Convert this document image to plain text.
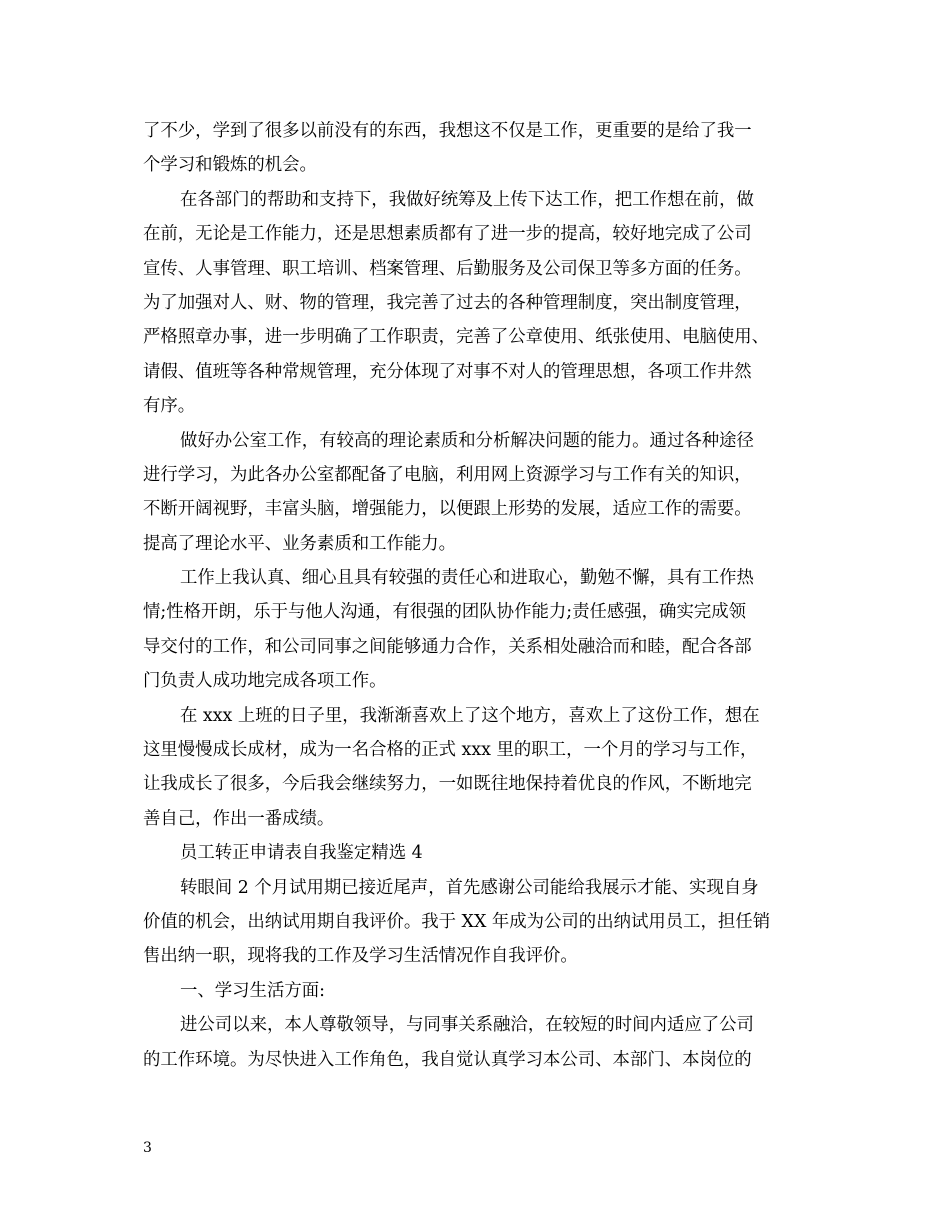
了不少，学到了很多以前没有的东西，我想这不仅是工作，更重要的是给了我一
个学习和锻炼的机会。
在各部门的帮助和支持下，我做好统筹及上传下达工作，把工作想在前，做
在前，无论是工作能力，还是思想素质都有了进一步的提高，较好地完成了公司
宣传、人事管理、职工培训、档案管理、后勤服务及公司保卫等多方面的任务。
为了加强对人、财、物的管理，我完善了过去的各种管理制度，突出制度管理，
严格照章办事，进一步明确了工作职责，完善了公章使用、纸张使用、电脑使用、
请假、值班等各种常规管理，充分体现了对事不对人的管理思想，各项工作井然
有序。
做好办公室工作，有较高的理论素质和分析解决问题的能力。通过各种途径
进行学习，为此各办公室都配备了电脑，利用网上资源学习与工作有关的知识，
不断开阔视野，丰富头脑，增强能力，以便跟上形势的发展，适应工作的需要。
提高了理论水平、业务素质和工作能力。
工作上我认真、细心且具有较强的责任心和进取心，勤勉不懈，具有工作热
情;性格开朗，乐于与他人沟通，有很强的团队协作能力;责任感强，确实完成领
导交付的工作，和公司同事之间能够通力合作，关系相处融洽而和睦，配合各部
门负责人成功地完成各项工作。
在 xxx 上班的日子里，我渐渐喜欢上了这个地方，喜欢上了这份工作，想在
这里慢慢成长成材，成为一名合格的正式 xxx 里的职工，一个月的学习与工作，
让我成长了很多，今后我会继续努力，一如既往地保持着优良的作风，不断地完
善自己，作出一番成绩。
员工转正申请表自我鉴定精选 4
转眼间 2 个月试用期已接近尾声，首先感谢公司能给我展示才能、实现自身
价值的机会，出纳试用期自我评价。我于 XX 年成为公司的出纳试用员工，担任销
售出纳一职，现将我的工作及学习生活情况作自我评价。
一、学习生活方面:
进公司以来，本人尊敬领导，与同事关系融洽，在较短的时间内适应了公司
的工作环境。为尽快进入工作角色，我自觉认真学习本公司、本部门、本岗位的
3
